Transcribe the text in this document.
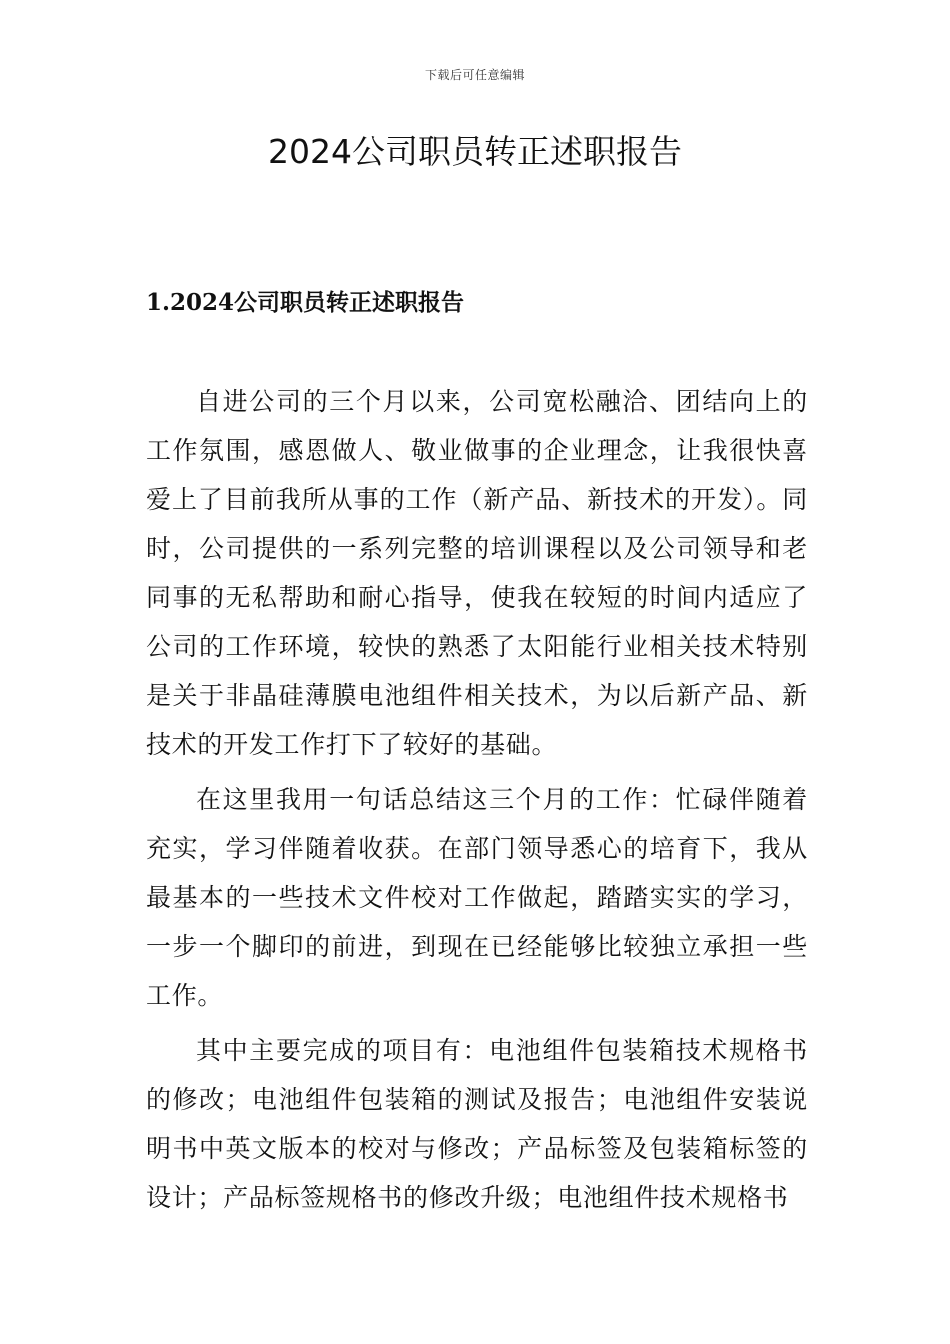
下载后可任意编辑
2024公司职员转正述职报告
1.2024公司职员转正述职报告

自进公司的三个月以来，公司宽松融洽、团结向上的工作氛围，感恩做人、敬业做事的企业理念，让我很快喜爱上了目前我所从事的工作（新产品、新技术的开发）。同时，公司提供的一系列完整的培训课程以及公司领导和老同事的无私帮助和耐心指导，使我在较短的时间内适应了公司的工作环境，较快的熟悉了太阳能行业相关技术特别是关于非晶硅薄膜电池组件相关技术，为以后新产品、新技术的开发工作打下了较好的基础。

在这里我用一句话总结这三个月的工作：忙碌伴随着充实，学习伴随着收获。在部门领导悉心的培育下，我从最基本的一些技术文件校对工作做起，踏踏实实的学习，一步一个脚印的前进，到现在已经能够比较独立承担一些工作。

其中主要完成的项目有：电池组件包装箱技术规格书的修改；电池组件包装箱的测试及报告；电池组件安装说明书中英文版本的校对与修改；产品标签及包装箱标签的设计；产品标签规格书的修改升级；电池组件技术规格书
